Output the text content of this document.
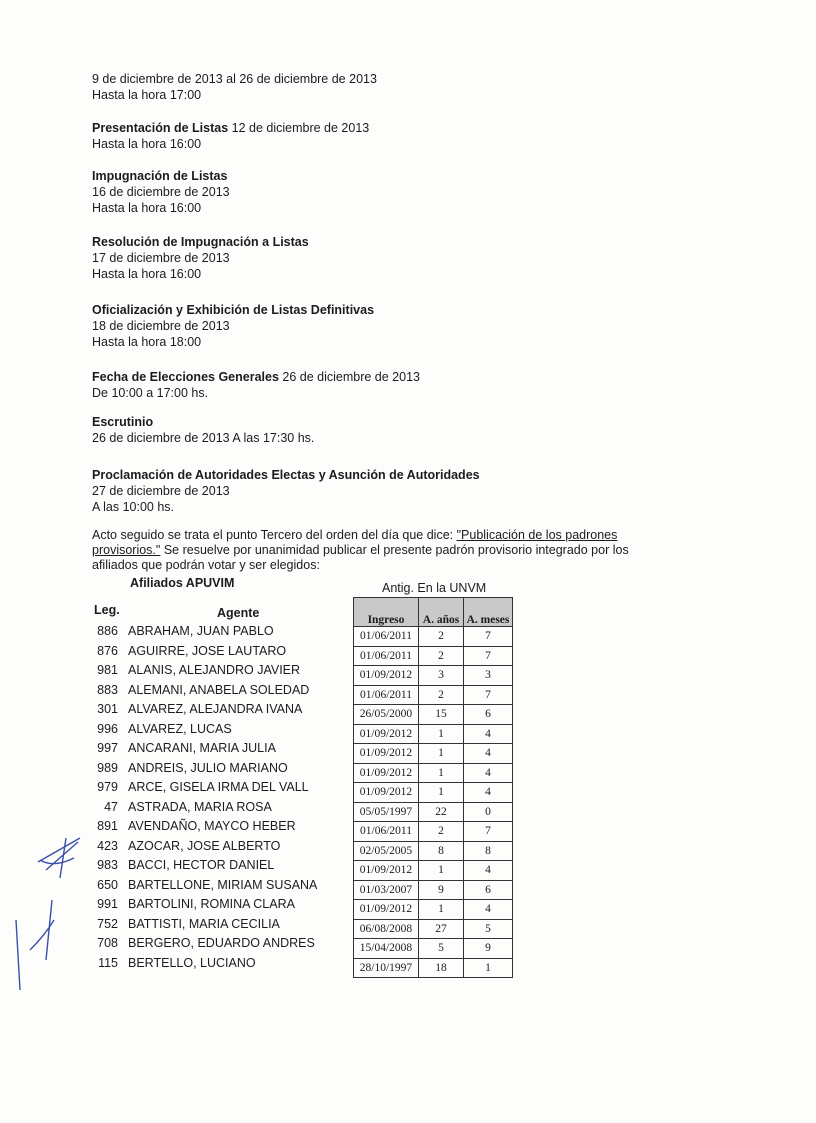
9 de diciembre de 2013 al 26 de diciembre de 2013
Hasta la hora 17:00
Presentación de Listas 12 de diciembre de 2013
Hasta la hora 16:00
Impugnación de Listas
16 de diciembre de 2013
Hasta la hora 16:00
Resolución de Impugnación a Listas
17 de diciembre de 2013
Hasta la hora 16:00
Oficialización y Exhibición de Listas Definitivas
18 de diciembre de 2013
Hasta la hora 18:00
Fecha de Elecciones Generales 26 de diciembre de 2013
De 10:00 a 17:00 hs.
Escrutinio
26 de diciembre de 2013 A las 17:30 hs.
Proclamación de Autoridades Electas y Asunción de Autoridades
27 de diciembre de 2013
A las 10:00 hs.
Acto seguido se trata el punto Tercero del orden del día que dice: "Publicación de los padrones provisorios." Se resuelve por unanimidad publicar el presente padrón provisorio integrado por los afiliados que podrán votar y ser elegidos:
Afiliados APUVIM	Antig. En la UNVM
Leg.	Agente
886 ABRAHAM, JUAN PABLO
876 AGUIRRE, JOSE LAUTARO
981 ALANIS, ALEJANDRO JAVIER
883 ALEMANI, ANABELA SOLEDAD
301 ALVAREZ, ALEJANDRA IVANA
996 ALVAREZ, LUCAS
997 ANCARANI, MARIA JULIA
989 ANDREIS, JULIO MARIANO
979 ARCE, GISELA IRMA DEL VALL
47 ASTRADA, MARIA ROSA
891 AVENDAÑO, MAYCO HEBER
423 AZOCAR, JOSE ALBERTO
983 BACCI, HECTOR DANIEL
650 BARTELLONE, MIRIAM SUSANA
991 BARTOLINI, ROMINA CLARA
752 BATTISTI, MARIA CECILIA
708 BERGERO, EDUARDO ANDRES
115 BERTELLO, LUCIANO
Ingreso	A. años	A. meses
01/06/2011	2	7
01/06/2011	2	7
01/09/2012	3	3
01/06/2011	2	7
26/05/2000	15	6
01/09/2012	1	4
01/09/2012	1	4
01/09/2012	1	4
01/09/2012	1	4
05/05/1997	22	0
01/06/2011	2	7
02/05/2005	8	8
01/09/2012	1	4
01/03/2007	9	6
01/09/2012	1	4
06/08/2008	27	5
15/04/2008	5	9
28/10/1997	18	1
